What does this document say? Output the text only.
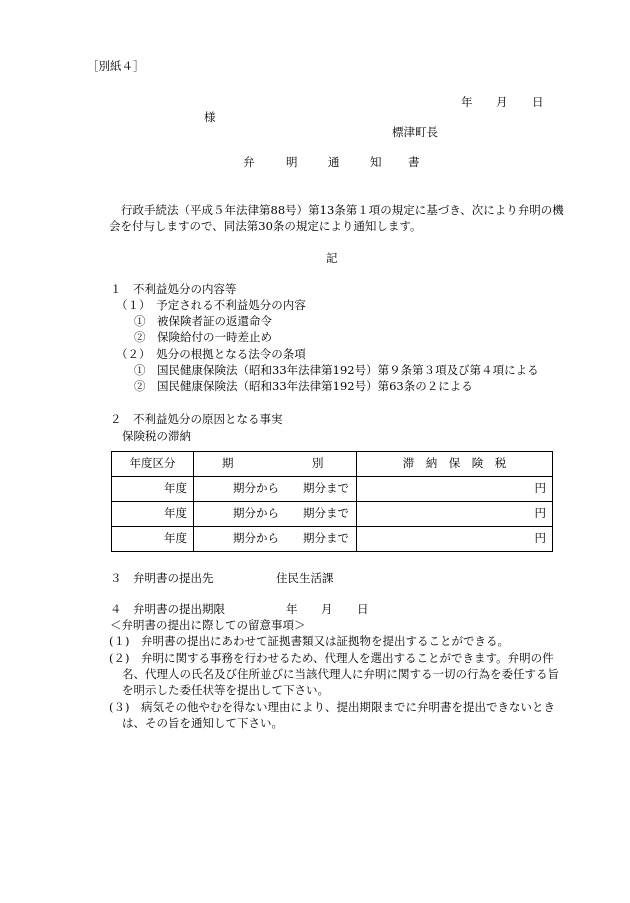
［別紙４］
年 月 日
様
標津町長
弁	明	通	知 書
行政手続法（平成５年法律第88号）第13条第１項の規定に基づき、次により弁明の機
会を付与しますので、同法第30条の規定により通知します。
記
１　不利益処分の内容等
（１）　予定される不利益処分の内容
①　被保険者証の返還命令
②　保険給付の一時差止め
（２）　処分の根拠となる法令の条項
①　国民健康保険法（昭和33年法律第192号）第９条第３項及び第４項による
②　国民健康保険法（昭和33年法律第192号）第63条の２による
２　不利益処分の原因となる事実
保険税の滞納
年度区分	期 別	滞　納　保　険　税
年度	期分から 期分まで	円
年度	期分から 期分まで	円
年度	期分から 期分まで	円
３　弁明書の提出先	住民生活課
４　弁明書の提出期限	年 月 日
＜弁明書の提出に際しての留意事項＞
(１)　弁明書の提出にあわせて証拠書類又は証拠物を提出することができる。
(２)　弁明に関する事務を行わせるため、代理人を選出することができます。弁明の件
名、代理人の氏名及び住所並びに当該代理人に弁明に関する一切の行為を委任する旨
を明示した委任状等を提出して下さい。
(３)　病気その他やむを得ない理由により、提出期限までに弁明書を提出できないとき
は、その旨を通知して下さい。
